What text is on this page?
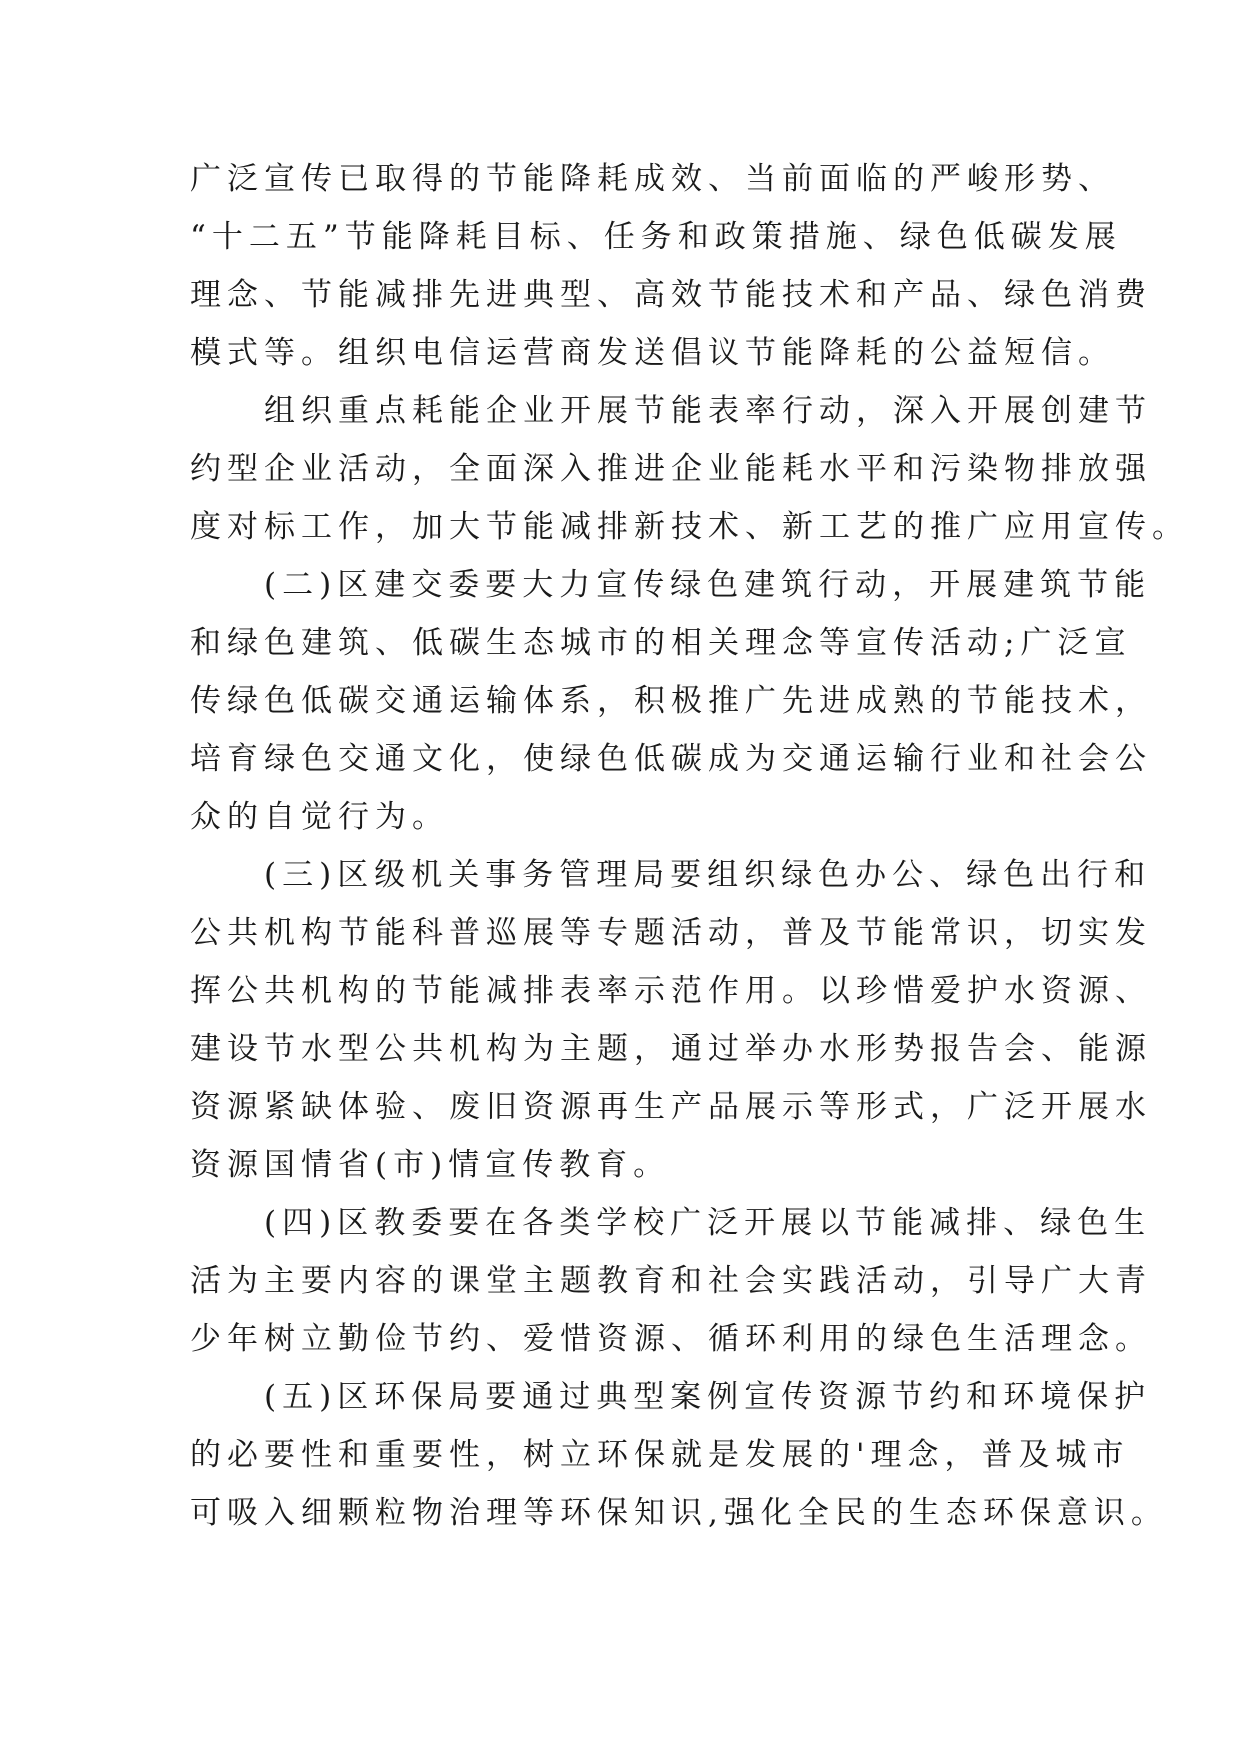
广泛宣传已取得的节能降耗成效、当前面临的严峻形势、
“十二五”节能降耗目标、任务和政策措施、绿色低碳发展
理念、节能减排先进典型、高效节能技术和产品、绿色消费
模式等。组织电信运营商发送倡议节能降耗的公益短信。
组织重点耗能企业开展节能表率行动，深入开展创建节
约型企业活动，全面深入推进企业能耗水平和污染物排放强
度对标工作，加大节能减排新技术、新工艺的推广应用宣传。
(二)区建交委要大力宣传绿色建筑行动，开展建筑节能
和绿色建筑、低碳生态城市的相关理念等宣传活动;广泛宣
传绿色低碳交通运输体系，积极推广先进成熟的节能技术，
培育绿色交通文化，使绿色低碳成为交通运输行业和社会公
众的自觉行为。
(三)区级机关事务管理局要组织绿色办公、绿色出行和
公共机构节能科普巡展等专题活动，普及节能常识，切实发
挥公共机构的节能减排表率示范作用。以珍惜爱护水资源、
建设节水型公共机构为主题，通过举办水形势报告会、能源
资源紧缺体验、废旧资源再生产品展示等形式，广泛开展水
资源国情省(市)情宣传教育。
(四)区教委要在各类学校广泛开展以节能减排、绿色生
活为主要内容的课堂主题教育和社会实践活动，引导广大青
少年树立勤俭节约、爱惜资源、循环利用的绿色生活理念。
(五)区环保局要通过典型案例宣传资源节约和环境保护
的必要性和重要性，树立环保就是发展的'理念，普及城市
可吸入细颗粒物治理等环保知识,强化全民的生态环保意识。
